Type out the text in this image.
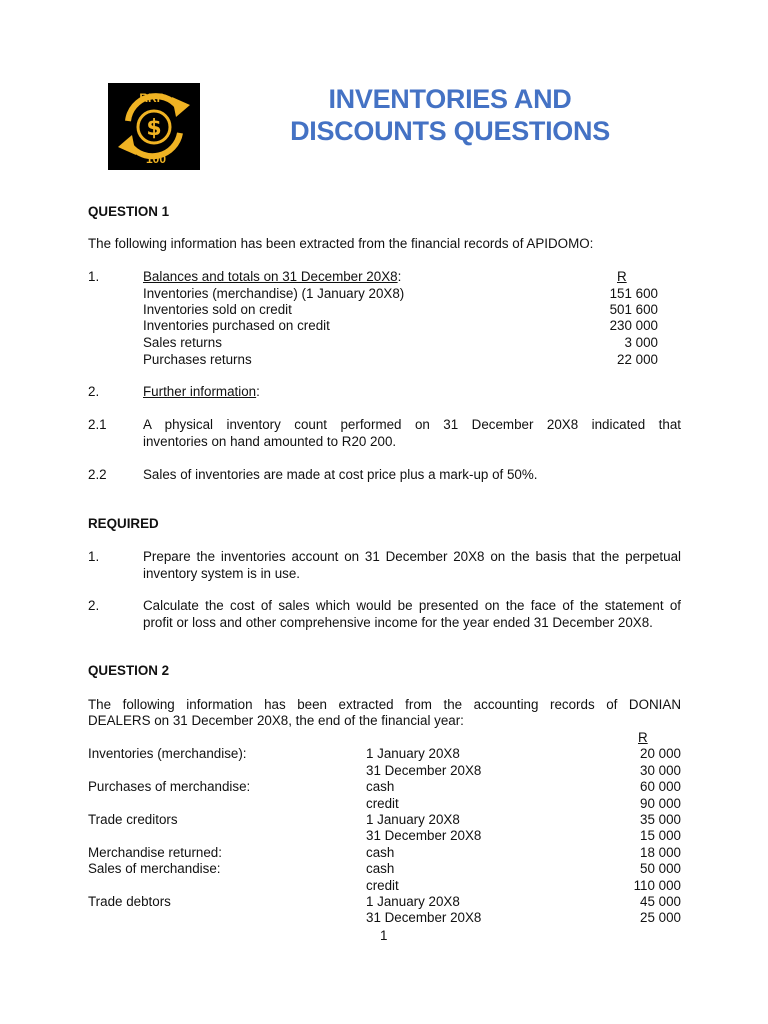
$
RRP
100
INVENTORIES AND
DISCOUNTS QUESTIONS
QUESTION 1
The following information has been extracted from the financial records of APIDOMO:
1.	Balances and totals on 31 December 20X8:	R
Inventories (merchandise) (1 January 20X8)	151 600
Inventories sold on credit	501 600
Inventories purchased on credit	230 000
Sales returns	3 000
Purchases returns	22 000
2.	Further information:
2.1	A physical inventory count performed on 31 December 20X8 indicated that
inventories on hand amounted to R20 200.
2.2	Sales of inventories are made at cost price plus a mark-up of 50%.
REQUIRED
1.	Prepare the inventories account on 31 December 20X8 on the basis that the perpetual
inventory system is in use.
2.	Calculate the cost of sales which would be presented on the face of the statement of
profit or loss and other comprehensive income for the year ended 31 December 20X8.
QUESTION 2
The following information has been extracted from the accounting records of DONIAN
DEALERS on 31 December 20X8, the end of the financial year:
R
Inventories (merchandise):	1 January 20X8	20 000
31 December 20X8	30 000
Purchases of merchandise:	cash	60 000
credit	90 000
Trade creditors	1 January 20X8	35 000
31 December 20X8	15 000
Merchandise returned:	cash	18 000
Sales of merchandise:	cash	50 000
credit	110 000
Trade debtors	1 January 20X8	45 000
31 December 20X8	25 000
1
